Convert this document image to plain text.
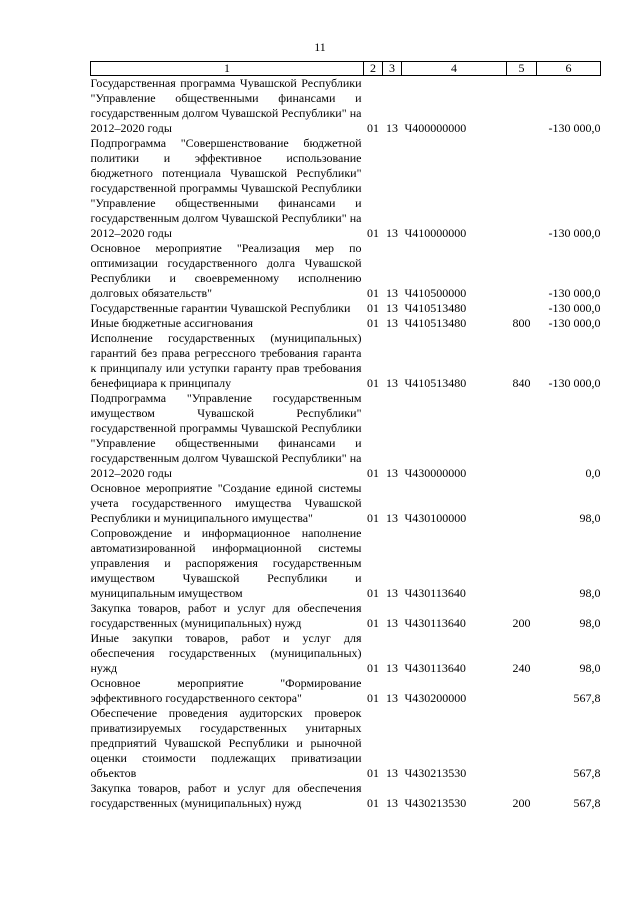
11
1	2	3	4	5	6
Государственная программа Чувашской Республики "Управление общественными финансами и государственным долгом Чувашской Республики" на 2012–2020 годы	01	13	Ч400000000		-130 000,0
Подпрограмма "Совершенствование бюджетной политики и эффективное использование бюджетного потенциала Чувашской Республики" государственной программы Чувашской Республики "Управление общественными финансами и государственным долгом Чувашской Республики" на 2012–2020 годы	01	13	Ч410000000		-130 000,0
Основное мероприятие "Реализация мер по оптимизации государственного долга Чувашской Республики и своевременному исполнению долговых обязательств"	01	13	Ч410500000		-130 000,0
Государственные гарантии Чувашской Республики	01	13	Ч410513480		-130 000,0
Иные бюджетные ассигнования	01	13	Ч410513480	800	-130 000,0
Исполнение государственных (муниципальных) гарантий без права регрессного требования гаранта к принципалу или уступки гаранту прав требования бенефициара к принципалу	01	13	Ч410513480	840	-130 000,0
Подпрограмма "Управление государственным имуществом Чувашской Республики" государственной программы Чувашской Республики "Управление общественными финансами и государственным долгом Чувашской Республики" на 2012–2020 годы	01	13	Ч430000000		0,0
Основное мероприятие "Создание единой системы учета государственного имущества Чувашской Республики и муниципального имущества"	01	13	Ч430100000		98,0
Сопровождение и информационное наполнение автоматизированной информационной системы управления и распоряжения государственным имуществом Чувашской Республики и муниципальным имуществом	01	13	Ч430113640		98,0
Закупка товаров, работ и услуг для обеспечения государственных (муниципальных) нужд	01	13	Ч430113640	200	98,0
Иные закупки товаров, работ и услуг для обеспечения государственных (муниципальных) нужд	01	13	Ч430113640	240	98,0
Основное мероприятие "Формирование эффективного государственного сектора"	01	13	Ч430200000		567,8
Обеспечение проведения аудиторских проверок приватизируемых государственных унитарных предприятий Чувашской Республики и рыночной оценки стоимости подлежащих приватизации объектов	01	13	Ч430213530		567,8
Закупка товаров, работ и услуг для обеспечения государственных (муниципальных) нужд	01	13	Ч430213530	200	567,8
